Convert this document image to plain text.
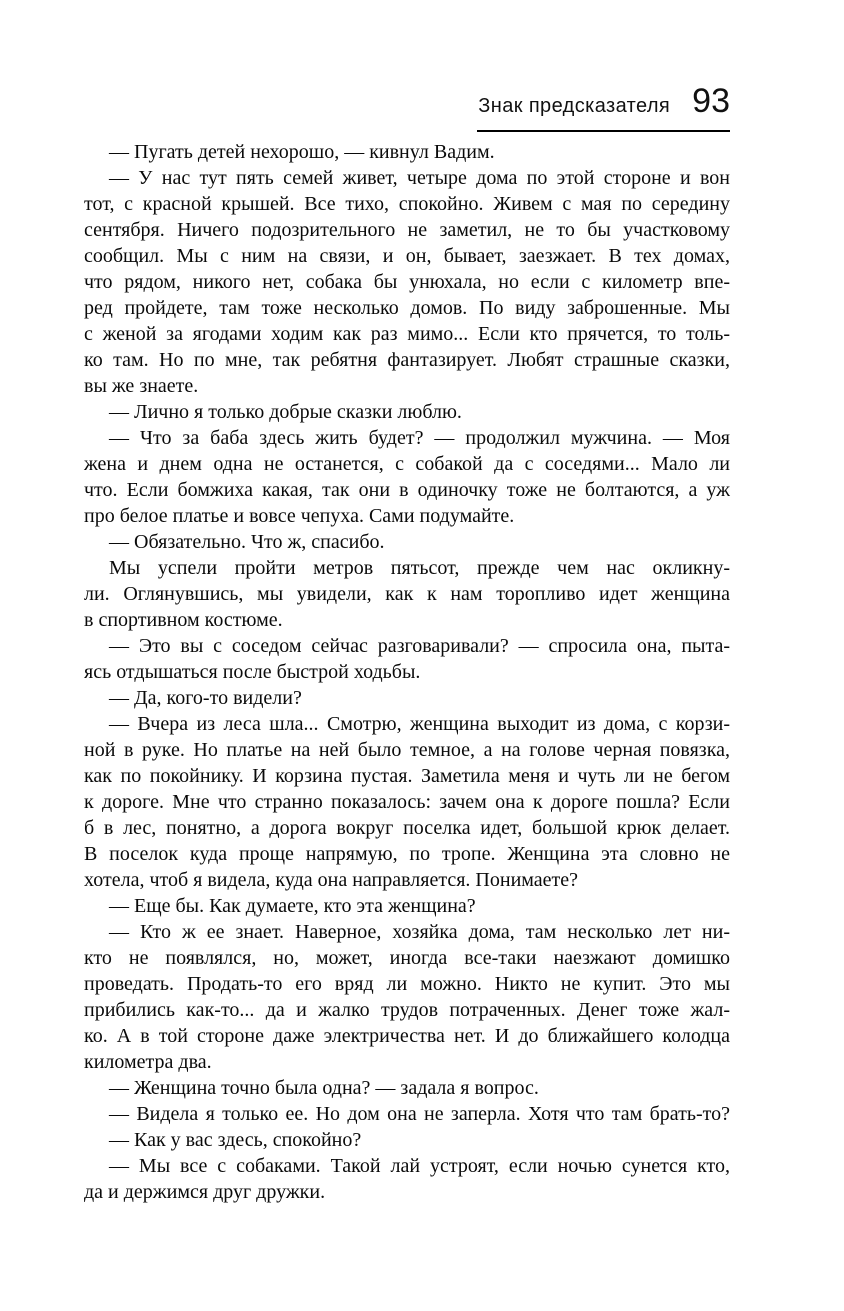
Знак предсказателя 93
— Пугать детей нехорошо, — кивнул Вадим.
— У нас тут пять семей живет, четыре дома по этой стороне и вон
тот, с красной крышей. Все тихо, спокойно. Живем с мая по середину
сентября. Ничего подозрительного не заметил, не то бы участковому
сообщил. Мы с ним на связи, и он, бывает, заезжает. В тех домах,
что рядом, никого нет, собака бы унюхала, но если с километр впе-
ред пройдете, там тоже несколько домов. По виду заброшенные. Мы
с женой за ягодами ходим как раз мимо... Если кто прячется, то толь-
ко там. Но по мне, так ребятня фантазирует. Любят страшные сказки,
вы же знаете.
— Лично я только добрые сказки люблю.
— Что за баба здесь жить будет? — продолжил мужчина. — Моя
жена и днем одна не останется, с собакой да с соседями... Мало ли
что. Если бомжиха какая, так они в одиночку тоже не болтаются, а уж
про белое платье и вовсе чепуха. Сами подумайте.
— Обязательно. Что ж, спасибо.
Мы успели пройти метров пятьсот, прежде чем нас окликну-
ли. Оглянувшись, мы увидели, как к нам торопливо идет женщина
в спортивном костюме.
— Это вы с соседом сейчас разговаривали? — спросила она, пыта-
ясь отдышаться после быстрой ходьбы.
— Да, кого-то видели?
— Вчера из леса шла... Смотрю, женщина выходит из дома, с корзи-
ной в руке. Но платье на ней было темное, а на голове черная повязка,
как по покойнику. И корзина пустая. Заметила меня и чуть ли не бегом
к дороге. Мне что странно показалось: зачем она к дороге пошла? Если
б в лес, понятно, а дорога вокруг поселка идет, большой крюк делает.
В поселок куда проще напрямую, по тропе. Женщина эта словно не
хотела, чтоб я видела, куда она направляется. Понимаете?
— Еще бы. Как думаете, кто эта женщина?
— Кто ж ее знает. Наверное, хозяйка дома, там несколько лет ни-
кто не появлялся, но, может, иногда все-таки наезжают домишко
проведать. Продать-то его вряд ли можно. Никто не купит. Это мы
прибились как-то... да и жалко трудов потраченных. Денег тоже жал-
ко. А в той стороне даже электричества нет. И до ближайшего колодца
километра два.
— Женщина точно была одна? — задала я вопрос.
— Видела я только ее. Но дом она не заперла. Хотя что там брать-то?
— Как у вас здесь, спокойно?
— Мы все с собаками. Такой лай устроят, если ночью сунется кто,
да и держимся друг дружки.
